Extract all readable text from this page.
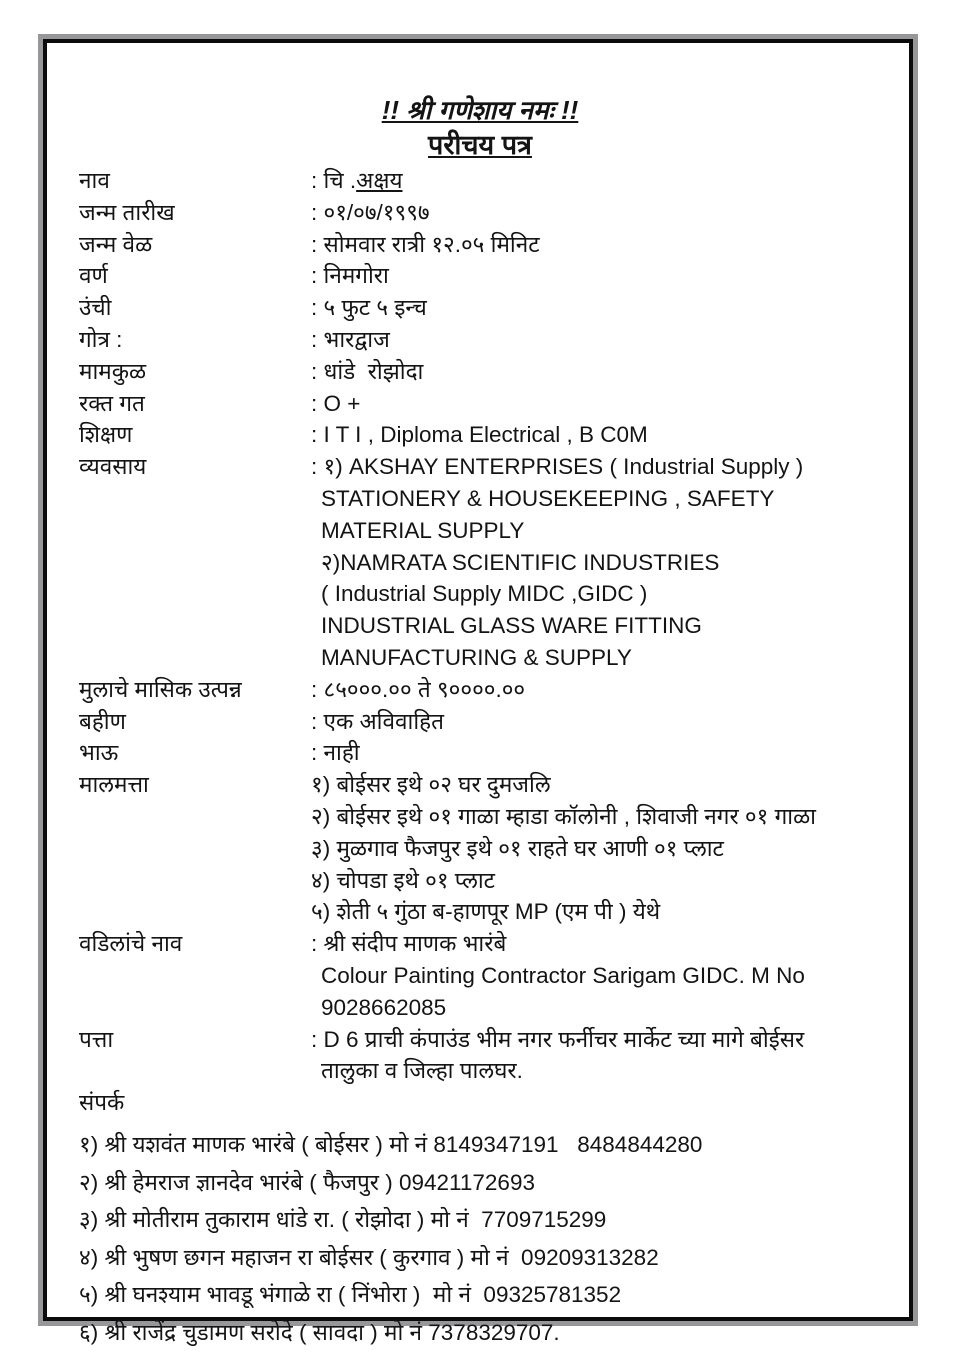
!! श्री गणेशाय नमः !!
परीचय पत्र
नाव	: चि .अक्षय
जन्म तारीख	: ०१/०७/१९९७
जन्म वेळ	: सोमवार रात्री १२.०५ मिनिट
वर्ण	: निमगोरा
उंची	: ५ फुट ५ इन्च
गोत्र :	: भारद्वाज
मामकुळ	: धांडे  रोझोदा
रक्त गत	: O +
शिक्षण	: I T I , Diploma Electrical , B C0M
व्यवसाय	: १) AKSHAY ENTERPRISES ( Industrial Supply )
STATIONERY & HOUSEKEEPING , SAFETY MATERIAL SUPPLY
२)NAMRATA SCIENTIFIC INDUSTRIES
( Industrial Supply MIDC ,GIDC )
INDUSTRIAL GLASS WARE FITTING MANUFACTURING & SUPPLY
मुलाचे मासिक उत्पन्न	: ८५०००.०० ते ९००००.००
बहीण	: एक अविवाहित
भाऊ	: नाही
मालमत्ता	१) बोईसर इथे ०२ घर दुमजलि
२) बोईसर इथे ०१ गाळा म्हाडा कॉलोनी , शिवाजी नगर ०१ गाळा
३) मुळगाव फैजपुर इथे ०१ राहते घर आणी ०१ प्लाट
४) चोपडा इथे ०१ प्लाट
५) शेती ५ गुंठा ब-हाणपूर MP (एम पी ) येथे
वडिलांचे नाव	: श्री संदीप माणक भारंबे
Colour Painting Contractor Sarigam GIDC. M No 9028662085
पत्ता	: D 6 प्राची कंपाउंड भीम नगर फर्नीचर मार्केट च्या मागे बोईसर
तालुका व जिल्हा पालघर.
संपर्क
१) श्री यशवंत माणक भारंबे ( बोईसर ) मो नं 8149347191   8484844280
२) श्री हेमराज ज्ञानदेव भारंबे ( फैजपुर ) 09421172693
३) श्री मोतीराम तुकाराम धांडे रा. ( रोझोदा ) मो नं  7709715299
४) श्री भुषण छगन महाजन रा बोईसर ( कुरगाव ) मो नं  09209313282
५) श्री घनश्याम भावडू भंगाळे रा ( निंभोरा )  मो नं  09325781352
६) श्री राजेंद्र चुडामण सरोदे ( सावदा ) मो नं 7378329707.
